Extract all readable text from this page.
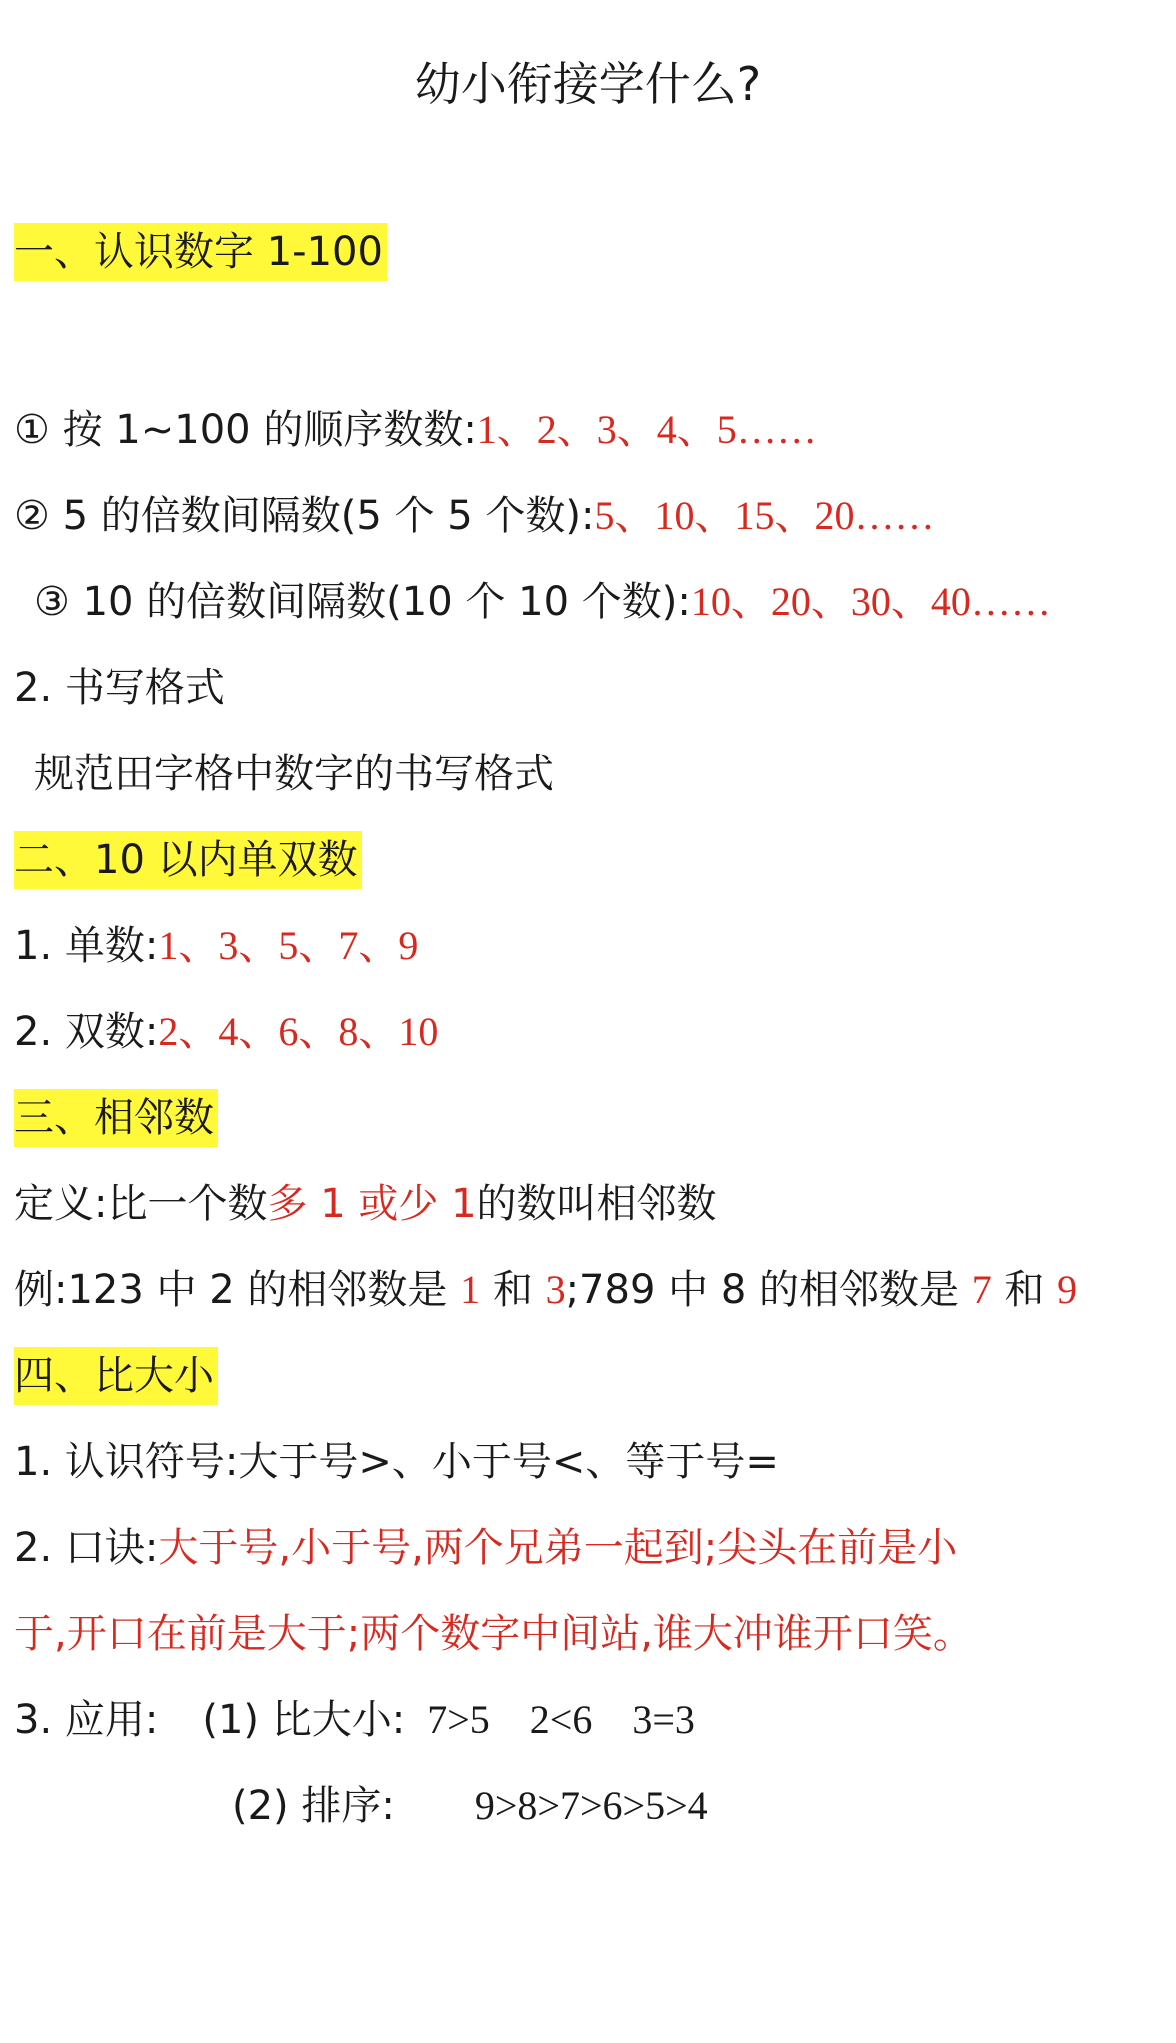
幼小衔接学什么?
一、认识数字 1-100
① 按 1~100 的顺序数数:1、2、3、4、5……
② 5 的倍数间隔数(5 个 5 个数):5、10、15、20……
③ 10 的倍数间隔数(10 个 10 个数):10、20、30、40……
2. 书写格式
规范田字格中数字的书写格式
二、10 以内单双数
1. 单数:1、3、5、7、9
2. 双数:2、4、6、8、10
三、相邻数
定义:比一个数多 1 或少 1的数叫相邻数
例:123 中 2 的相邻数是 1 和 3;789 中 8 的相邻数是 7 和 9
四、比大小
1. 认识符号:大于号>、小于号<、等于号=
2. 口诀:大于号,小于号,两个兄弟一起到;尖头在前是小
于,开口在前是大于;两个数字中间站,谁大冲谁开口笑。
3. 应用: (1) 比大小: 7>5    2<6    3=3
(2) 排序: 9>8>7>6>5>4
